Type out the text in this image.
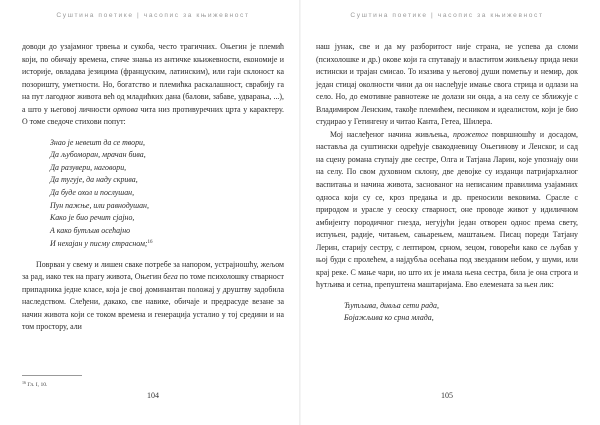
Суштина поетике | часопис за књижевност

доводи до узајамног трвења и сукоба, често трагичних. Оњегин је племић који, по обичају времена, стиче знања из античке књижевности, економије и историје, овладава језицима (француским, латинским), или гаји склоност ка позоришту, уметности. Но, богатство и племићка раскалашност, сврабију га на пут лагодног живота већ од младићких дана (балови, забаве, удварања, ...), а што у његовој личности ортова чита низ противуречних црта у карактеру. О томе сведоче стихови попут:

Знао је невешт да се твори,
Да љубоморан, мрачан бива,
Да разувери, наговори,
Да тугује, да наду скрива,
Да буде охол и послушан,
Пун пажње, или равнодушан,
Како је био речит сјајно,
А како бутљив осећајно
И нехајан у писму страсном;$^{16}$

Поврван у свему и лишен сваке потребе за напором, устрајношћу, жељом за рад, иако тек на прагу живота, Оњегин бега по томе психолошку стварност припадника једне класе, која је свој доминантан положај у друштву задобила наследством. Слеђени, дакако, све навике, обичаје и предрасуде везане за начин живота који се током времена и генерација усталио у тој средини и на том простору, али

$^{16}$ Гл. I, 10.
104
Суштина поетике | часопис за књижевност

наш јунак, све и да му разборитост није страна, не успева да сломи (психолошке и др.) окове који га спутавају и властитом живљењу прида неки истински и трајан смисао. То изазива у његовој души пометњу и немир, док један стицај околности чини да он наслеђује имање свога стрица и одлази на село. Но, до емотивне равнотеже не долази ни онда, а на селу се зближује с Владимиром Ленским, такође племићем, песником и идеалистом, који је био студирао у Гетингену и читао Канта, Гетеа, Шилера.

Мој наслеђеног начина живљења, прожетог површношћу и досадом, наставља да суштински одређује свакодневицу Оњегинову и Ленског, и сад на сцену романа ступају две сестре, Олга и Татјана Ларин, које упознају они на селу. По свом духовном склону, две девојке су изданци патријархалног васпитања и начина живота, заснованог на неписаним правилима узајамних односа који су се, кроз предања и др. преносили вековима. Срасле с природом и урасле у сеоску стварност, оне проводе живот у идиличном амбијенту породичног гнезда, негујући један отворен однос према свету, испуњен, радије, читањем, сањарењем, маштањем. Писац пореди Татјану Лерин, старију сестру, с лептиром, срном, зецом, говорећи како се љубав у њој буди с пролећем, а најдубља осећања под звезданим небом, у шуми, или крај реке. С мање чари, но што их је имала њена сестра, била је она строга и ћутљива и сетна, препуштена маштаријама. Ево елемената за њен лик:

Ћутљива, дивља сети рада,
Бојажљива ко срна млада,
105
